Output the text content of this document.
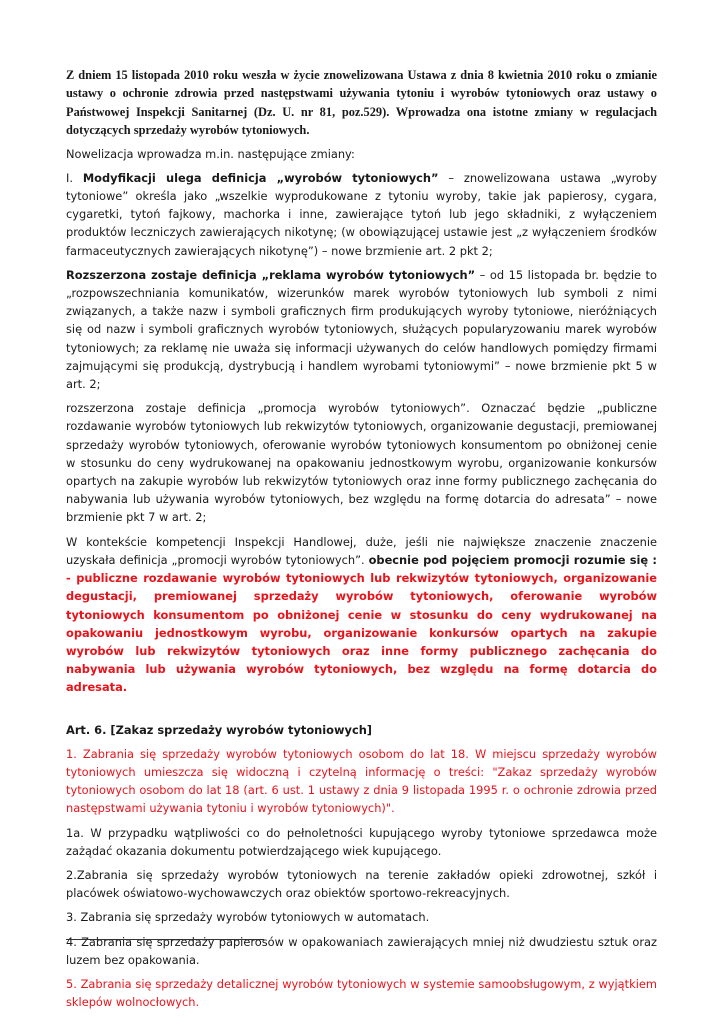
Z dniem 15 listopada 2010 roku weszła w życie znowelizowana Ustawa z dnia 8 kwietnia 2010 roku o zmianie ustawy o ochronie zdrowia przed następstwami używania tytoniu i wyrobów tytoniowych oraz ustawy o Państwowej Inspekcji Sanitarnej (Dz. U. nr 81, poz.529). Wprowadza ona istotne zmiany w regulacjach dotyczących sprzedaży wyrobów tytoniowych.

Nowelizacja wprowadza m.in. następujące zmiany:

I. Modyfikacji ulega definicja „wyrobów tytoniowych” – znowelizowana ustawa „wyroby tytoniowe” określa jako „wszelkie wyprodukowane z tytoniu wyroby, takie jak papierosy, cygara, cygaretki, tytoń fajkowy, machorka i inne, zawierające tytoń lub jego składniki, z wyłączeniem produktów leczniczych zawierających nikotynę; (w obowiązującej ustawie jest „z wyłączeniem środków farmaceutycznych zawierających nikotynę”) – nowe brzmienie art. 2 pkt 2;

Rozszerzona zostaje definicja „reklama wyrobów tytoniowych” – od 15 listopada br. będzie to „rozpowszechniania komunikatów, wizerunków marek wyrobów tytoniowych lub symboli z nimi związanych, a także nazw i symboli graficznych firm produkujących wyroby tytoniowe, nieróżniących się od nazw i symboli graficznych wyrobów tytoniowych, służących popularyzowaniu marek wyrobów tytoniowych; za reklamę nie uważa się informacji używanych do celów handlowych pomiędzy firmami zajmującymi się produkcją, dystrybucją i handlem wyrobami tytoniowymi” – nowe brzmienie pkt 5 w art. 2;

rozszerzona zostaje definicja „promocja wyrobów tytoniowych”. Oznaczać będzie „publiczne rozdawanie wyrobów tytoniowych lub rekwizytów tytoniowych, organizowanie degustacji, premiowanej sprzedaży wyrobów tytoniowych, oferowanie wyrobów tytoniowych konsumentom po obniżonej cenie w stosunku do ceny wydrukowanej na opakowaniu jednostkowym wyrobu, organizowanie konkursów opartych na zakupie wyrobów lub rekwizytów tytoniowych oraz inne formy publicznego zachęcania do nabywania lub używania wyrobów tytoniowych, bez względu na formę dotarcia do adresata” – nowe brzmienie pkt 7 w art. 2;

W kontekście kompetencji Inspekcji Handlowej, duże, jeśli nie największe znaczenie znaczenie uzyskała definicja „promocji wyrobów tytoniowych”. obecnie pod pojęciem promocji rozumie się : - publiczne rozdawanie wyrobów tytoniowych lub rekwizytów tytoniowych, organizowanie degustacji, premiowanej sprzedaży wyrobów tytoniowych, oferowanie wyrobów tytoniowych konsumentom po obniżonej cenie w stosunku do ceny wydrukowanej na opakowaniu jednostkowym wyrobu, organizowanie konkursów opartych na zakupie wyrobów lub rekwizytów tytoniowych oraz inne formy publicznego zachęcania do nabywania lub używania wyrobów tytoniowych, bez względu na formę dotarcia do adresata.

Art. 6. [Zakaz sprzedaży wyrobów tytoniowych]

1. Zabrania się sprzedaży wyrobów tytoniowych osobom do lat 18. W miejscu sprzedaży wyrobów tytoniowych umieszcza się widoczną i czytelną informację o treści: "Zakaz sprzedaży wyrobów tytoniowych osobom do lat 18 (art. 6 ust. 1 ustawy z dnia 9 listopada 1995 r. o ochronie zdrowia przed następstwami używania tytoniu i wyrobów tytoniowych)".

1a. W przypadku wątpliwości co do pełnoletności kupującego wyroby tytoniowe sprzedawca może zażądać okazania dokumentu potwierdzającego wiek kupującego.

2.Zabrania się sprzedaży wyrobów tytoniowych na terenie zakładów opieki zdrowotnej, szkół i placówek oświatowo-wychowawczych oraz obiektów sportowo-rekreacyjnych.

3. Zabrania się sprzedaży wyrobów tytoniowych w automatach.

4. Zabrania się sprzedaży papierosów w opakowaniach zawierających mniej niż dwudziestu sztuk oraz luzem bez opakowania.

5. Zabrania się sprzedaży detalicznej wyrobów tytoniowych w systemie samoobsługowym, z wyjątkiem sklepów wolnocłowych.
